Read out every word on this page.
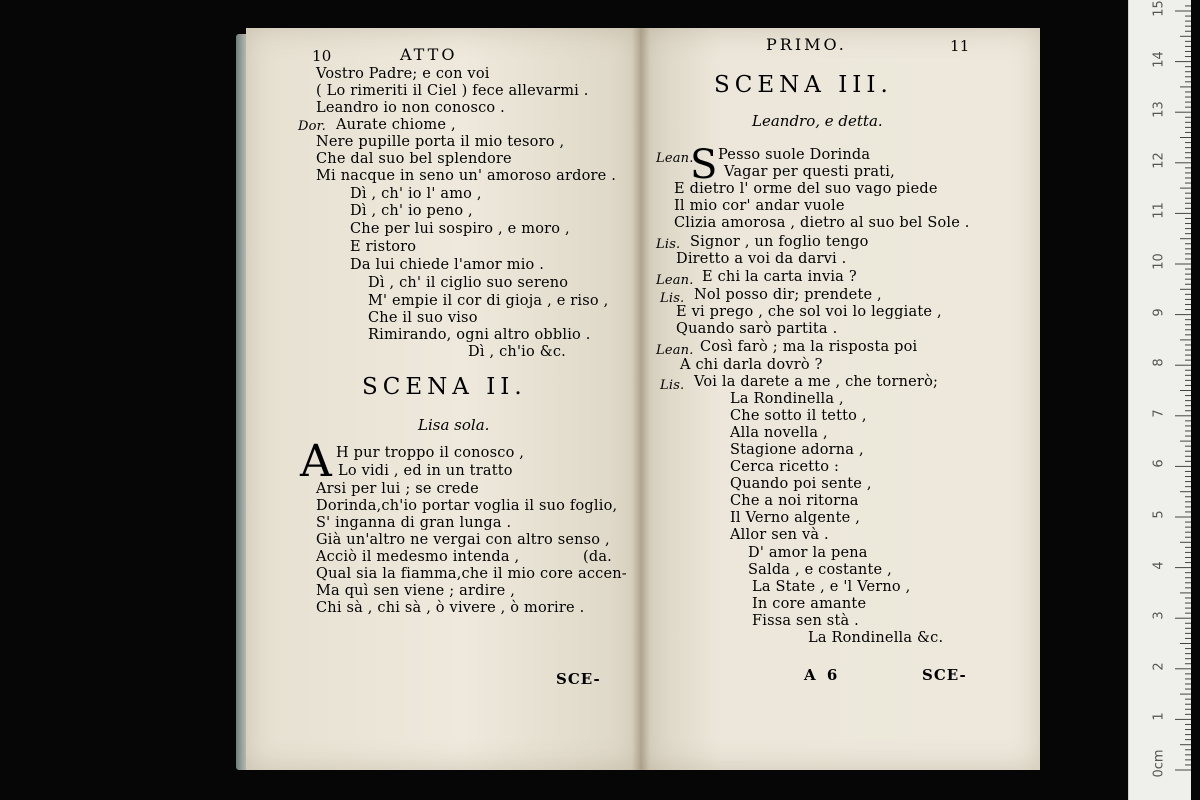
10	ATTO
Vostro Padre; e con voi
( Lo rimeriti il Ciel ) fece allevarmi .
Leandro io non conosco .
Dor. Aurate chiome ,
Nere pupille porta il mio tesoro ,
Che dal suo bel splendore
Mi nacque in seno un' amoroso ardore .
Dì , ch' io l' amo ,
Dì , ch' io peno ,
Che per lui sospiro , e moro ,
E ristoro
Da lui chiede l'amor mio .
Dì , ch' il ciglio suo sereno
M' empie il cor di gioja , e riso ,
Che il suo viso
Rimirando, ogni altro obblio .
Dì , ch'io &c.
SCENA II.
Lisa sola.
A H pur troppo il conosco ,
Lo vidi , ed in un tratto
Arsi per lui ; se crede
Dorinda,ch'io portar voglia il suo foglio,
S' inganna di gran lunga .
Già un'altro ne vergai con altro senso ,
Acciò il medesmo intenda ,	(da.
Qual sia la fiamma,che il mio core accen-
Ma quì sen viene ; ardire ,
Chi sà , chi sà , ò vivere , ò morire .
SCE-
PRIMO.	11
SCENA III.
Leandro, e detta.
S
Lean. Pesso suole Dorinda
Vagar per questi prati,
E dietro l' orme del suo vago piede
Il mio cor' andar vuole
Clizia amorosa , dietro al suo bel Sole .
Lis. Signor , un foglio tengo
Diretto a voi da darvi .
Lean. E chi la carta invia ?
Lis. Nol posso dir; prendete ,
E vi prego , che sol voi lo leggiate ,
Quando sarò partita .
Lean. Così farò ; ma la risposta poi
A chi darla dovrò ?
Lis. Voi la darete a me , che tornerò;
La Rondinella ,
Che sotto il tetto ,
Alla novella ,
Stagione adorna ,
Cerca ricetto :
Quando poi sente ,
Che a noi ritorna
Il Verno algente ,
Allor sen và .
D' amor la pena
Salda , e costante ,
La State , e 'l Verno ,
In core amante
Fissa sen stà .
La Rondinella &c.
A 6	SCE-
0cm
1
2
3
4
5
6
7
8
9
10
11
12
13
14
15
